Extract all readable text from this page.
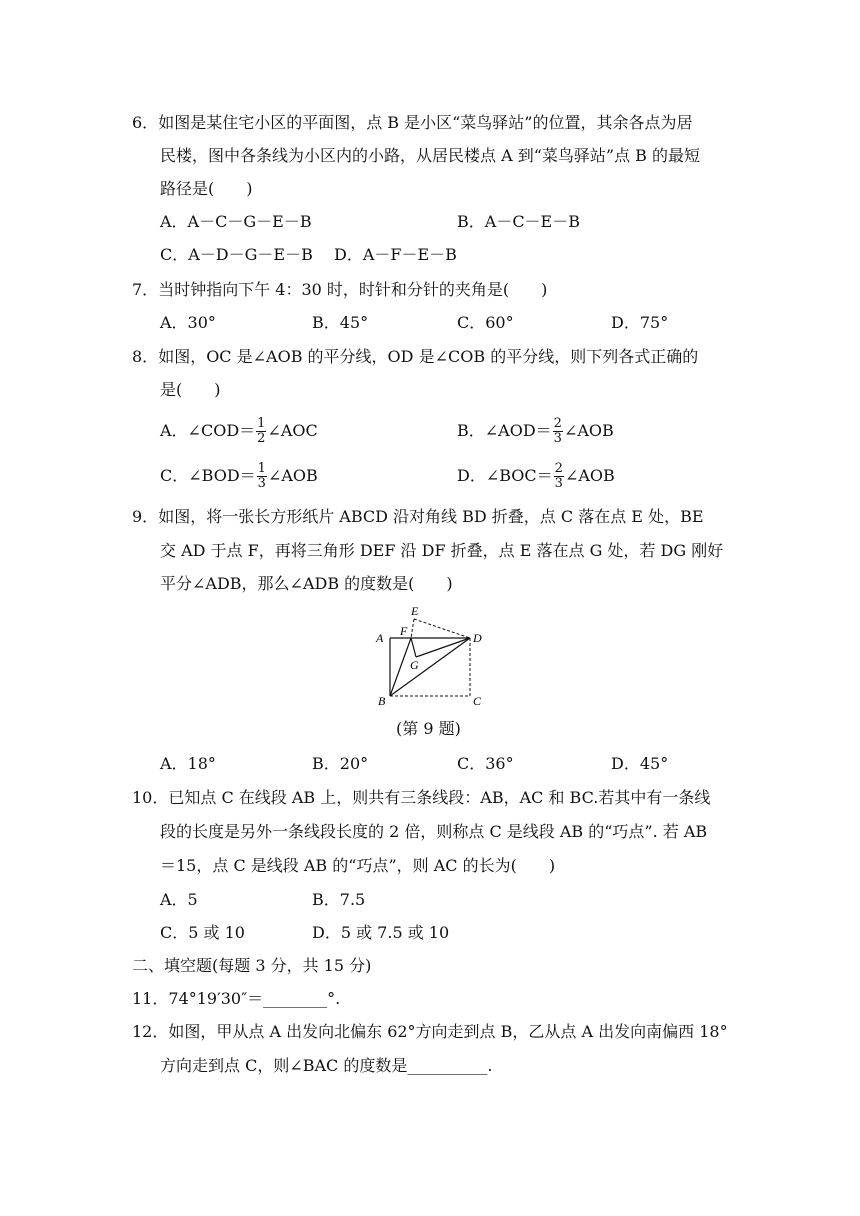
6．如图是某住宅小区的平面图，点 B 是小区“菜鸟驿站”的位置，其余各点为居
民楼，图中各条线为小区内的小路，从居民楼点 A 到“菜鸟驿站”点 B 的最短
路径是(　　)
A．A－C－G－E－B	B．A－C－E－B
C．A－D－G－E－B D．A－F－E－B
7．当时钟指向下午 4：30 时，时针和分针的夹角是(　　)
A．30°	B．45°	C．60°	D．75°
8．如图，OC 是∠AOB 的平分线，OD 是∠COB 的平分线，则下列各式正确的
是(　　)
A．∠COD＝ $\frac{1}{2}$ ∠AOC	B．∠AOD＝ $\frac{2}{3}$ ∠AOB
C．∠BOD＝ $\frac{1}{3}$ ∠AOB	D．∠BOC＝ $\frac{2}{3}$ ∠AOB
9．如图，将一张长方形纸片 ABCD 沿对角线 BD 折叠，点 C 落在点 E 处，BE
交 AD 于点 F，再将三角形 DEF 沿 DF 折叠，点 E 落在点 G 处，若 DG 刚好
平分∠ADB，那么∠ADB 的度数是(　　)
A
B	C
D
E
F
G
(第 9 题)
A．18°	B．20°	C．36°	D．45°
10．已知点 C 在线段 AB 上，则共有三条线段：AB，AC 和 BC.若其中有一条线
段的长度是另外一条线段长度的 2 倍，则称点 C 是线段 AB 的“巧点”. 若 AB
＝15，点 C 是线段 AB 的“巧点”，则 AC 的长为(　　)
A．5	B．7.5
C．5 或 10	D．5 或 7.5 或 10
二、填空题(每题 3 分，共 15 分)
11．74°19′30″＝________°.
12．如图，甲从点 A 出发向北偏东 62°方向走到点 B，乙从点 A 出发向南偏西 18°
方向走到点 C，则∠BAC 的度数是__________.
